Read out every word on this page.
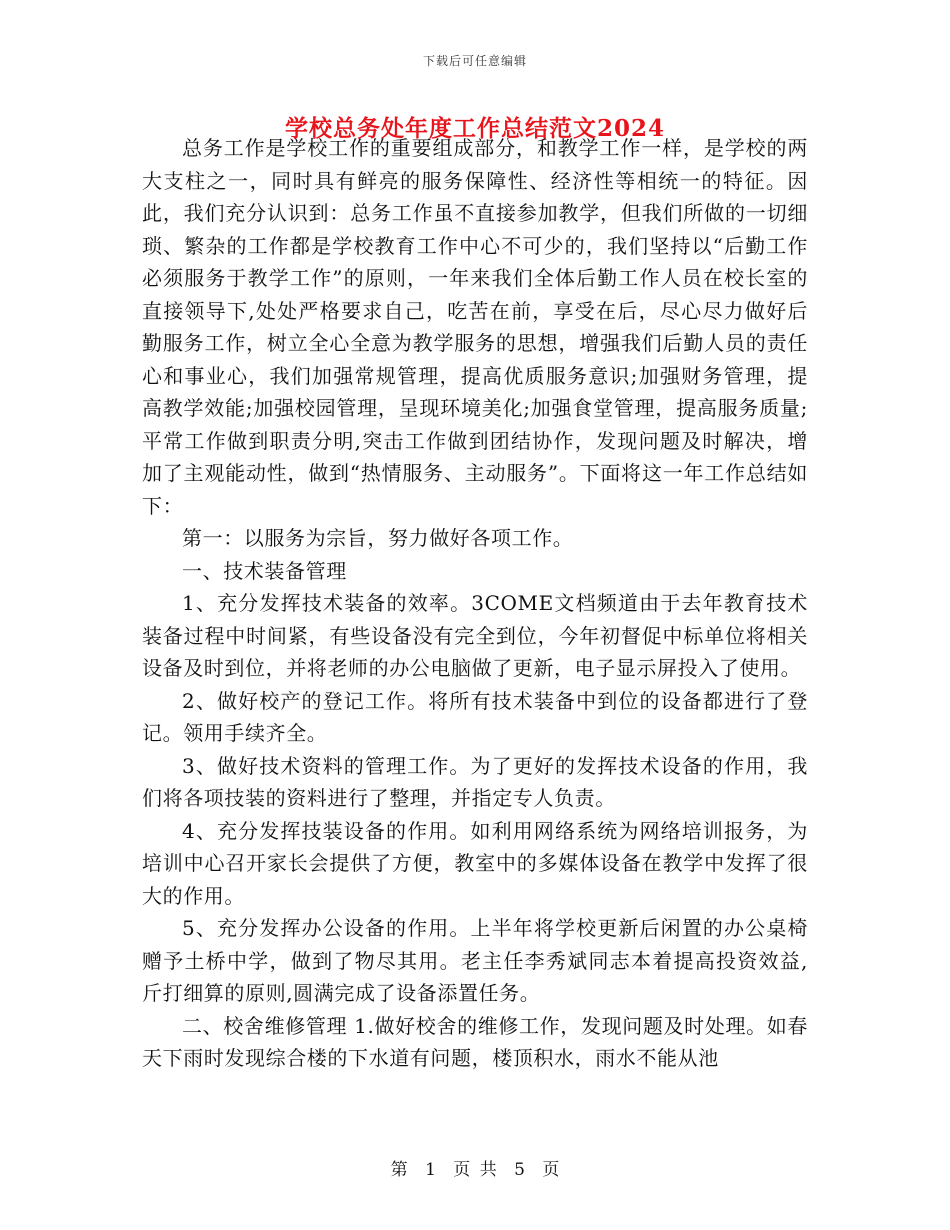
下载后可任意编辑
学校总务处年度工作总结范文2024

总务工作是学校工作的重要组成部分，和教学工作一样，是学校的两大支柱之一，同时具有鲜亮的服务保障性、经济性等相统一的特征。因此，我们充分认识到：总务工作虽不直接参加教学，但我们所做的一切细琐、繁杂的工作都是学校教育工作中心不可少的，我们坚持以“后勤工作必须服务于教学工作”的原则，一年来我们全体后勤工作人员在校长室的直接领导下,处处严格要求自己，吃苦在前，享受在后，尽心尽力做好后勤服务工作，树立全心全意为教学服务的思想，增强我们后勤人员的责任心和事业心，我们加强常规管理，提高优质服务意识;加强财务管理，提高教学效能;加强校园管理，呈现环境美化;加强食堂管理，提高服务质量;平常工作做到职责分明,突击工作做到团结协作，发现问题及时解决，增加了主观能动性，做到“热情服务、主动服务”。下面将这一年工作总结如下：

第一：以服务为宗旨，努力做好各项工作。

一、技术装备管理

1、充分发挥技术装备的效率。3COME文档频道由于去年教育技术装备过程中时间紧，有些设备没有完全到位，今年初督促中标单位将相关设备及时到位，并将老师的办公电脑做了更新，电子显示屏投入了使用。

2、做好校产的登记工作。将所有技术装备中到位的设备都进行了登记。领用手续齐全。

3、做好技术资料的管理工作。为了更好的发挥技术设备的作用，我们将各项技装的资料进行了整理，并指定专人负责。

4、充分发挥技装设备的作用。如利用网络系统为网络培训报务，为培训中心召开家长会提供了方便，教室中的多媒体设备在教学中发挥了很大的作用。

5、充分发挥办公设备的作用。上半年将学校更新后闲置的办公桌椅赠予土桥中学，做到了物尽其用。老主任李秀斌同志本着提高投资效益,斤打细算的原则,圆满完成了设备添置任务。

二、校舍维修管理 1.做好校舍的维修工作，发现问题及时处理。如春天下雨时发现综合楼的下水道有问题，楼顶积水，雨水不能从池

第 1 页 共 5 页
